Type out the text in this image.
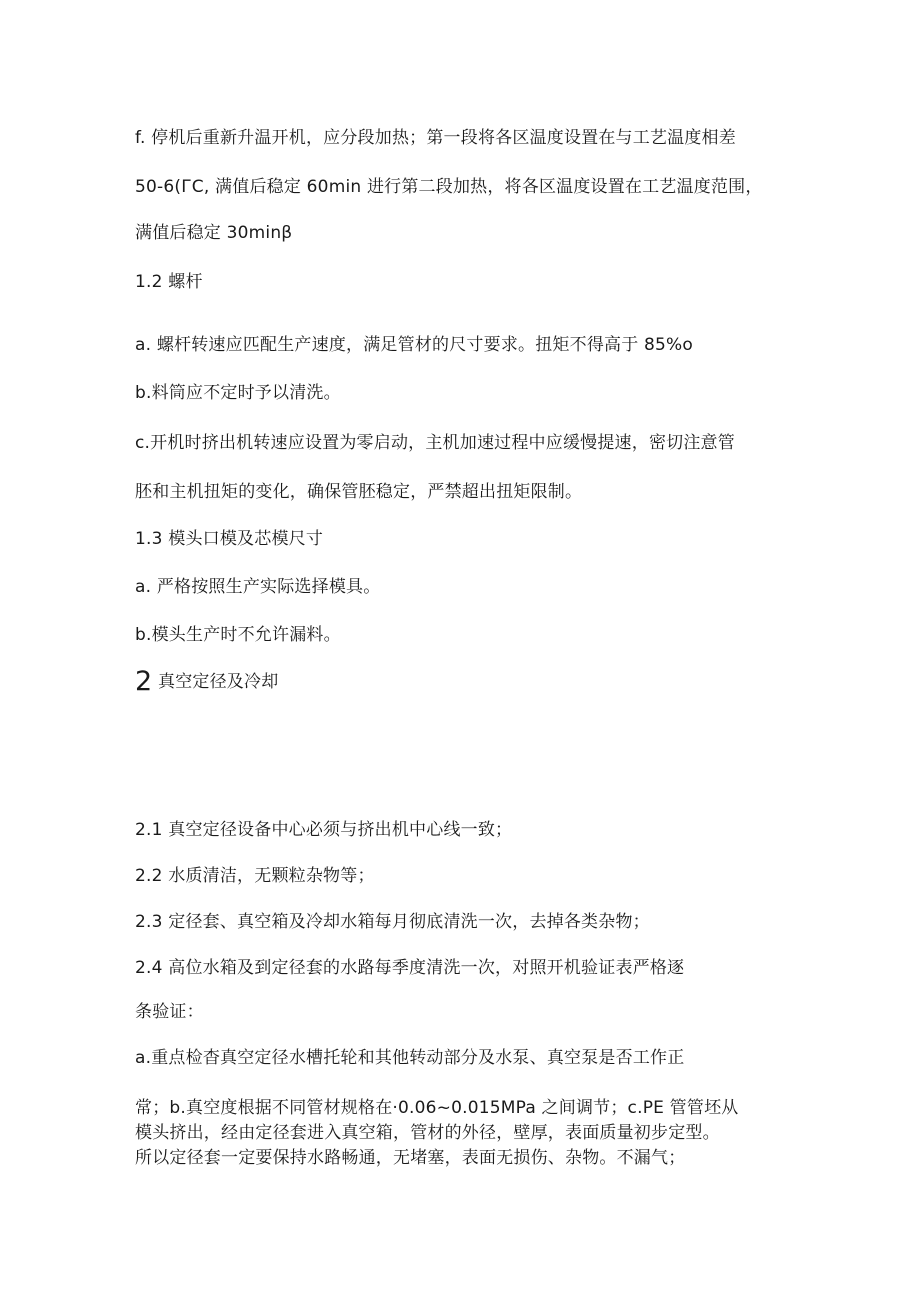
f. 停机后重新升温开机，应分段加热；第一段将各区温度设置在与工艺温度相差
50-6(ГC, 满值后稳定 60min 进行第二段加热，将各区温度设置在工艺温度范围，
满值后稳定 30minβ
1.2 螺杆
a. 螺杆转速应匹配生产速度，满足管材的尺寸要求。扭矩不得高于 85%o
b.料筒应不定时予以清洗。
c.开机时挤出机转速应设置为零启动，主机加速过程中应缓慢提速，密切注意管
胚和主机扭矩的变化，确保管胚稳定，严禁超出扭矩限制。
1.3 模头口模及芯模尺寸
a. 严格按照生产实际选择模具。
b.模头生产时不允许漏料。
2 真空定径及冷却
2.1 真空定径设备中心必须与挤出机中心线一致；
2.2 水质清洁，无颗粒杂物等；
2.3 定径套、真空箱及冷却水箱每月彻底清洗一次，去掉各类杂物；
2.4 高位水箱及到定径套的水路每季度清洗一次，对照开机验证表严格逐
条验证：
a.重点检杳真空定径水槽托轮和其他转动部分及水泵、真空泵是否工作正
常；b.真空度根据不同管材规格在·0.06~0.015MPa 之间调节；c.PE 管管坯从
模头挤出，经由定径套进入真空箱，管材的外径，壁厚，表面质量初步定型。
所以定径套一定要保持水路畅通，无堵塞，表面无损伤、杂物。不漏气；
